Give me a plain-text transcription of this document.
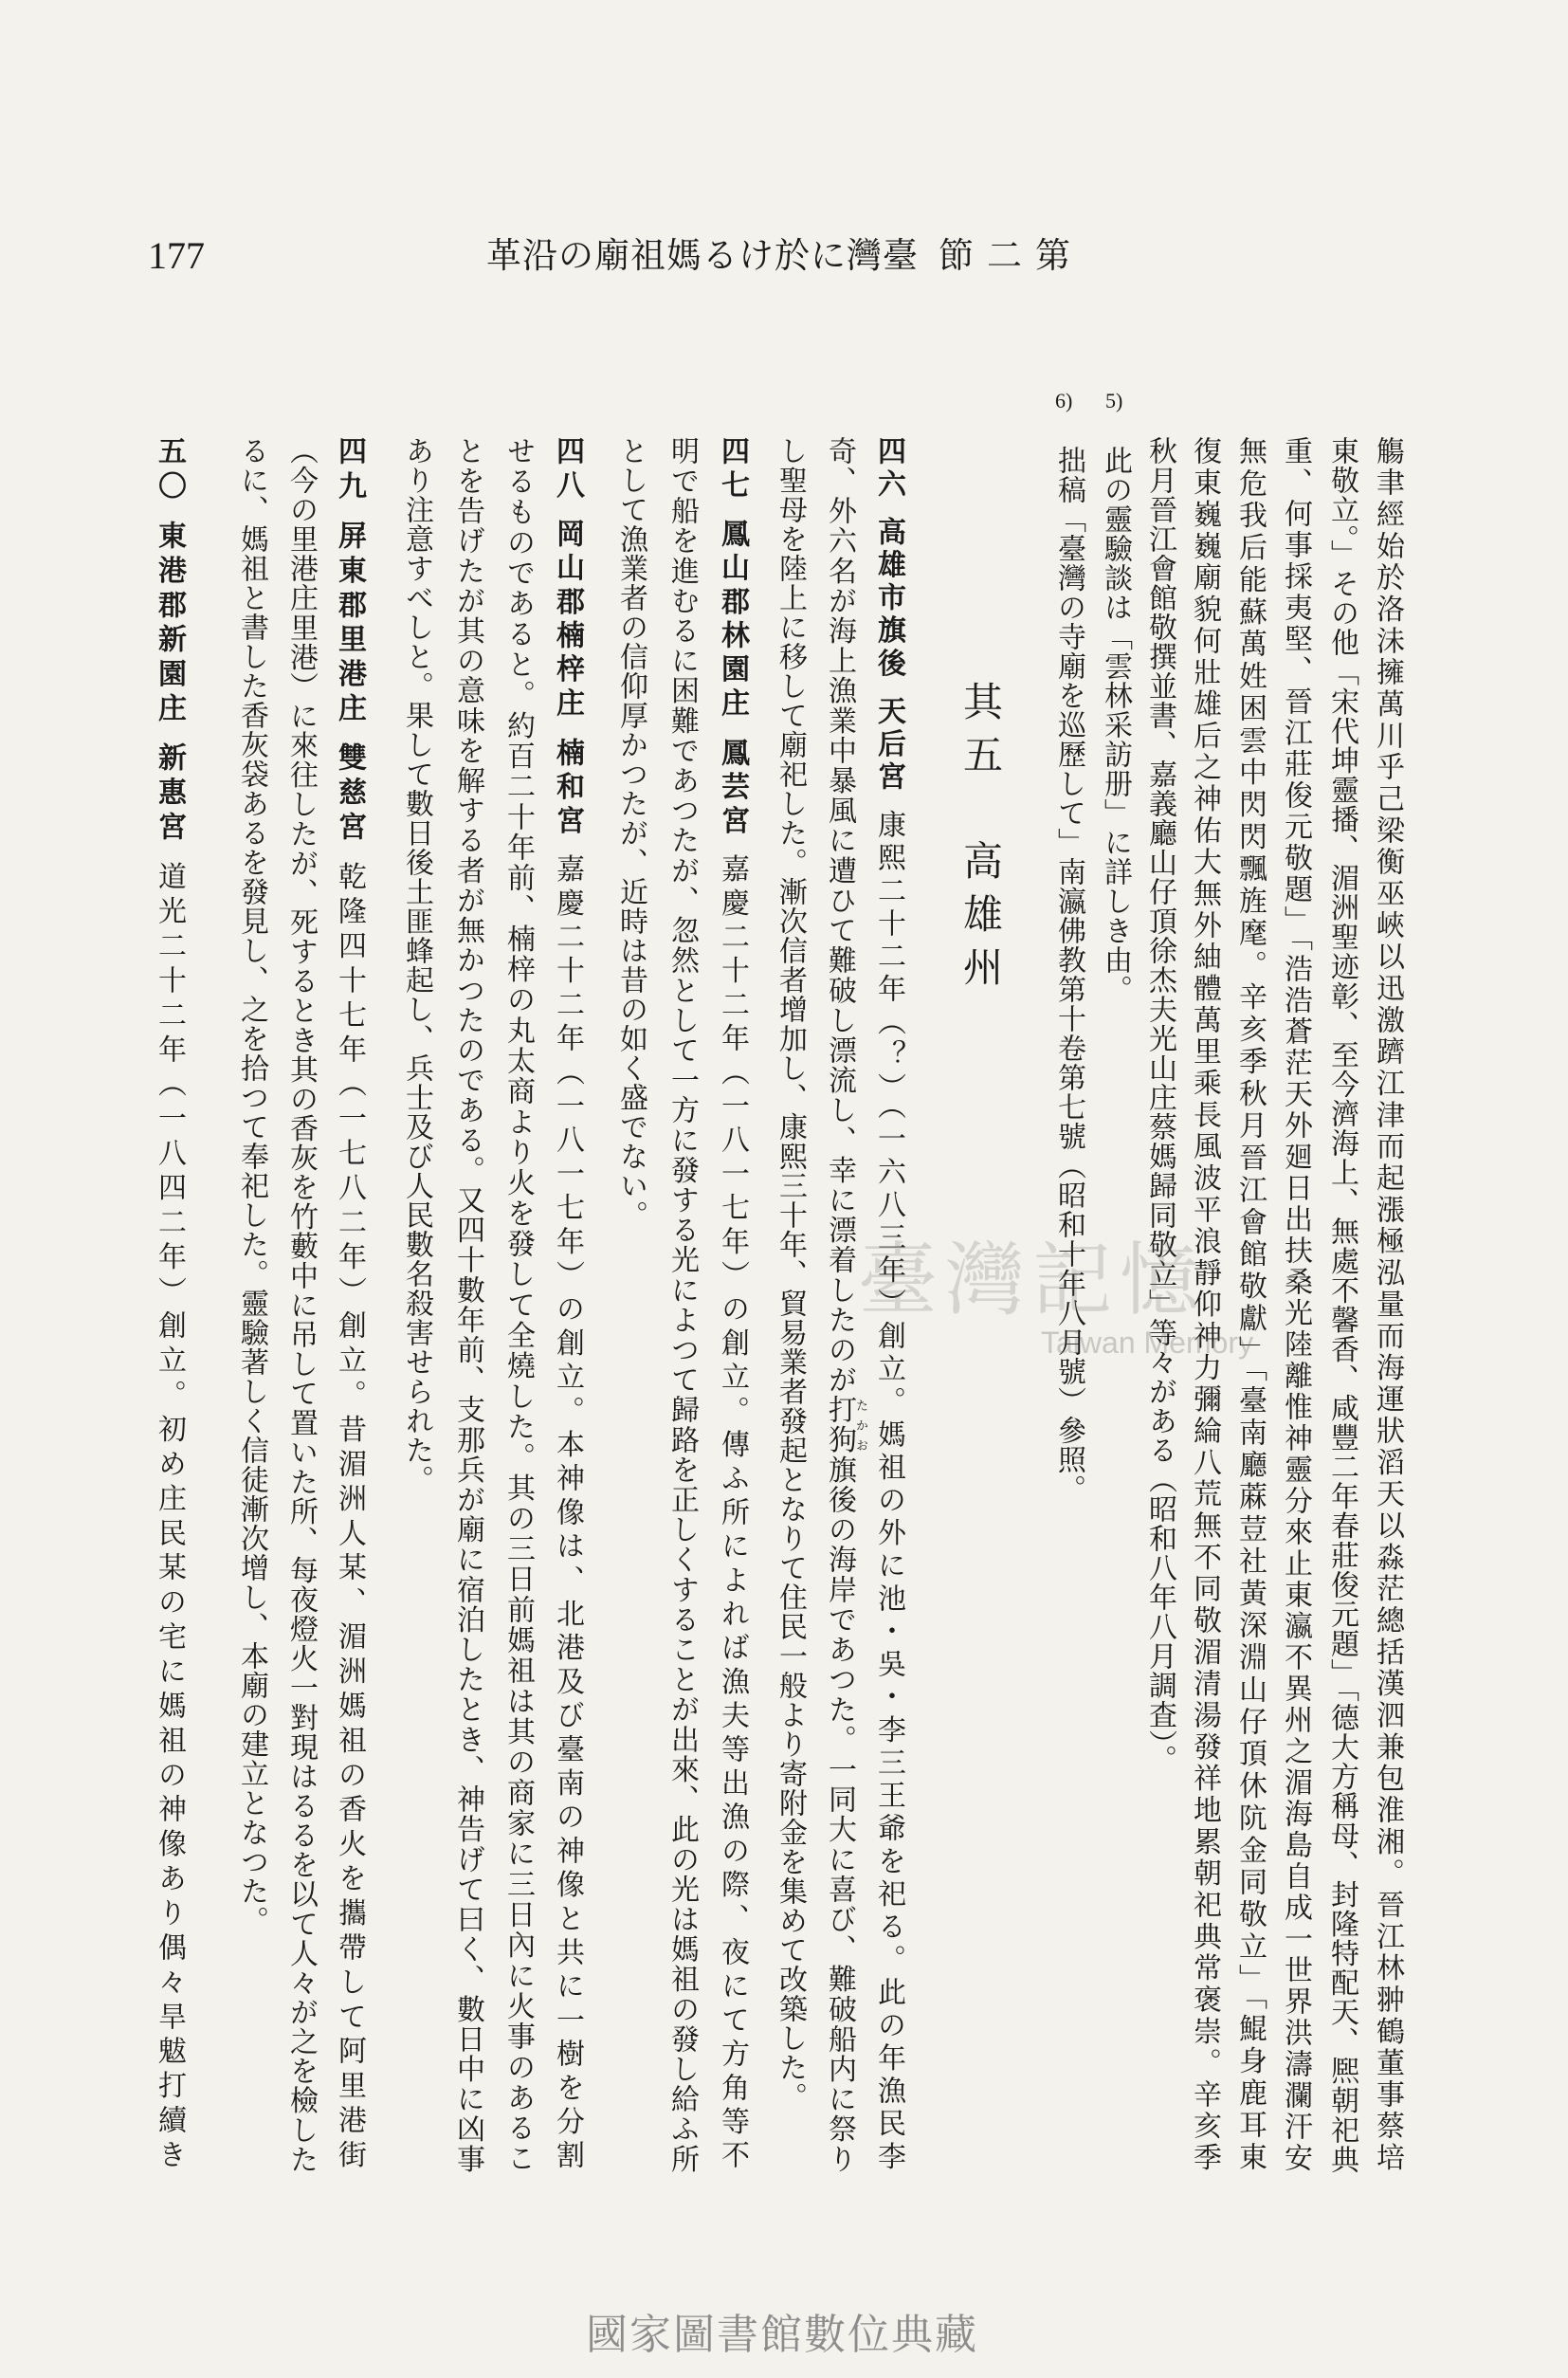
177	臺灣に於ける媽祖廟の沿革 第二節
觴聿經始於洛沬擁萬川乎己梁衡巫峽以迅激躋江津而起漲極泓量而海運狀滔天以淼茫總括漢泗兼包淮湘。晉江林翀鶴董事蔡培
東敬立。」その他「宋代坤靈播、湄洲聖迹彰、至今濟海上、無處不馨香、咸豐二年春莊俊元題」「德大方稱母、封隆特配天、熈朝祀典
重、何事採夷堅、晉江莊俊元敬題」「浩浩蒼茫天外廻日出扶桑光陸離惟神靈分來止東瀛不異州之湄海島自成一世界洪濤瀾汗安
無危我后能蘇萬姓困雲中閃閃飄旌麾。辛亥季秋月晉江會館敬獻」「臺南廳蔴荳社黃深淵山仔頂休阬金同敬立」「鯤身鹿耳東
復東巍巍廟貌何壯雄后之神佑大無外紬體萬里乘長風波平浪靜仰神力彌綸八荒無不同敬湄清湯發祥地累朝祀典常褒崇。辛亥季
秋月晉江會館敬撰並書、嘉義廳山仔頂徐杰夫光山庄蔡媽歸同敬立」等々がある（昭和八年八月調査）。
5)
此の靈驗談は「雲林采訪册」に詳しき由。
6)
拙稿「臺灣の寺廟を巡歷して」南瀛佛教第十卷第七號（昭和十年八月號）參照。
其五　高雄州
四六高雄市旗後天后宮康熙二十二年（？）（一六八三年）創立。媽祖の外に池・吳・李三王爺を祀る。此の年漁民李
奇、外六名が海上漁業中暴風に遭ひて難破し漂流し、幸に漂着したのが打狗たかお旗後の海岸であつた。一同大に喜び、難破船内に祭り
し聖母を陸上に移して廟祀した。漸次信者增加し、康熙三十年、貿易業者發起となりて住民一般より寄附金を集めて改築した。
四七鳳山郡林園庄鳳芸宮嘉慶二十二年（一八一七年）の創立。傳ふ所によれば漁夫等出漁の際、夜にて方角等不
明で船を進むるに困難であつたが、忽然として一方に發する光によつて歸路を正しくすることが出來、此の光は媽祖の發し給ふ所
として漁業者の信仰厚かつたが、近時は昔の如く盛でない。
四八岡山郡楠梓庄楠和宮嘉慶二十二年（一八一七年）の創立。本神像は、北港及び臺南の神像と共に一樹を分割
せるものであると。約百二十年前、楠梓の丸太商より火を發して全燒した。其の三日前媽祖は其の商家に三日內に火事のあるこ
とを告げたが其の意味を解する者が無かつたのである。又四十數年前、支那兵が廟に宿泊したとき、神告げて曰く、數日中に凶事
あり注意すべしと。果して數日後土匪蜂起し、兵士及び人民數名殺害せられた。
四九屏東郡里港庄雙慈宮乾隆四十七年（一七八二年）創立。昔湄洲人某、湄洲媽祖の香火を攜帶して阿里港街
（今の里港庄里港）に來往したが、死するとき其の香灰を竹藪中に吊して置いた所、每夜燈火一對現はるるを以て人々が之を檢した
るに、媽祖と書した香灰袋あるを發見し、之を拾つて奉祀した。靈驗著しく信徒漸次增し、本廟の建立となつた。
五〇東港郡新園庄新惠宮道光二十二年（一八四二年）創立。初め庄民某の宅に媽祖の神像あり偶々旱魃打續き	臺灣記憶
Taiwan Memory
國家圖書館數位典藏
